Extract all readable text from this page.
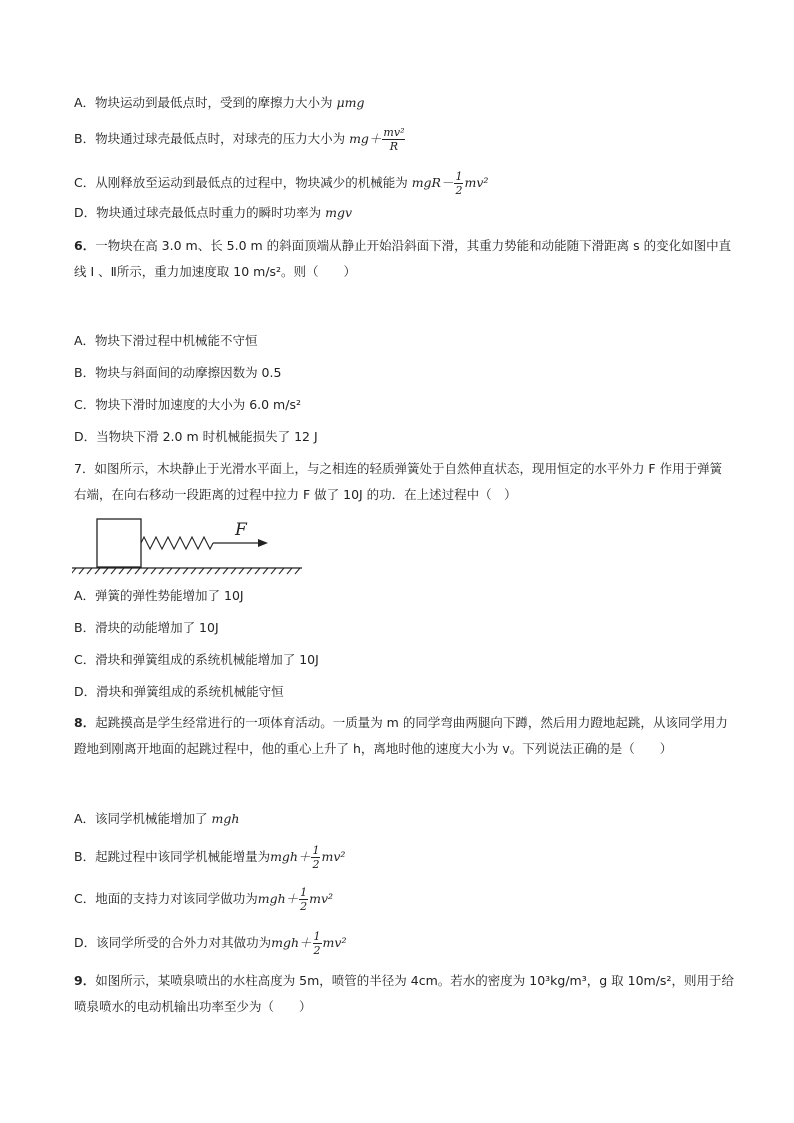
A．物块运动到最低点时，受到的摩擦力大小为 μmg
B．物块通过球壳最低点时，对球壳的压力大小为 $mg+ \frac{\text{mv²}}{R}$
C．从刚释放至运动到最低点的过程中，物块减少的机械能为 $mgR- \frac{1}{2} mv^2$
D．物块通过球壳最低点时重力的瞬时功率为 mgv
6．一物块在高 3.0 m、长 5.0 m 的斜面顶端从静止开始沿斜面下滑，其重力势能和动能随下滑距离 s 的变化如图中直线 Ⅰ 、Ⅱ所示，重力加速度取 10 m/s²。则（　　）
A．物块下滑过程中机械能不守恒
B．物块与斜面间的动摩擦因数为 0.5
C．物块下滑时加速度的大小为 6.0 m/s²
D．当物块下滑 2.0 m 时机械能损失了 12 J
7．如图所示，木块静止于光滑水平面上，与之相连的轻质弹簧处于自然伸直状态，现用恒定的水平外力 F 作用于弹簧右端，在向右移动一段距离的过程中拉力 F 做了 10J 的功．在上述过程中（　）
F
A．弹簧的弹性势能增加了 10J
B．滑块的动能增加了 10J
C．滑块和弹簧组成的系统机械能增加了 10J
D．滑块和弹簧组成的系统机械能守恒
8．起跳摸高是学生经常进行的一项体育活动。一质量为 m 的同学弯曲两腿向下蹲，然后用力蹬地起跳，从该同学用力蹬地到刚离开地面的起跳过程中，他的重心上升了 h，离地时他的速度大小为 v。下列说法正确的是（　　）
A．该同学机械能增加了 mgh
B．起跳过程中该同学机械能增量为$mgh+ \frac{1}{2} mv^2$
C．地面的支持力对该同学做功为$mgh+ \frac{1}{2} mv^2$
D．该同学所受的合外力对其做功为$mgh+ \frac{1}{2} mv^2$
9．如图所示，某喷泉喷出的水柱高度为 5m，喷管的半径为 4cm。若水的密度为 10³kg/m³，g 取 10m/s²，则用于给喷泉喷水的电动机输出功率至少为（　　）
